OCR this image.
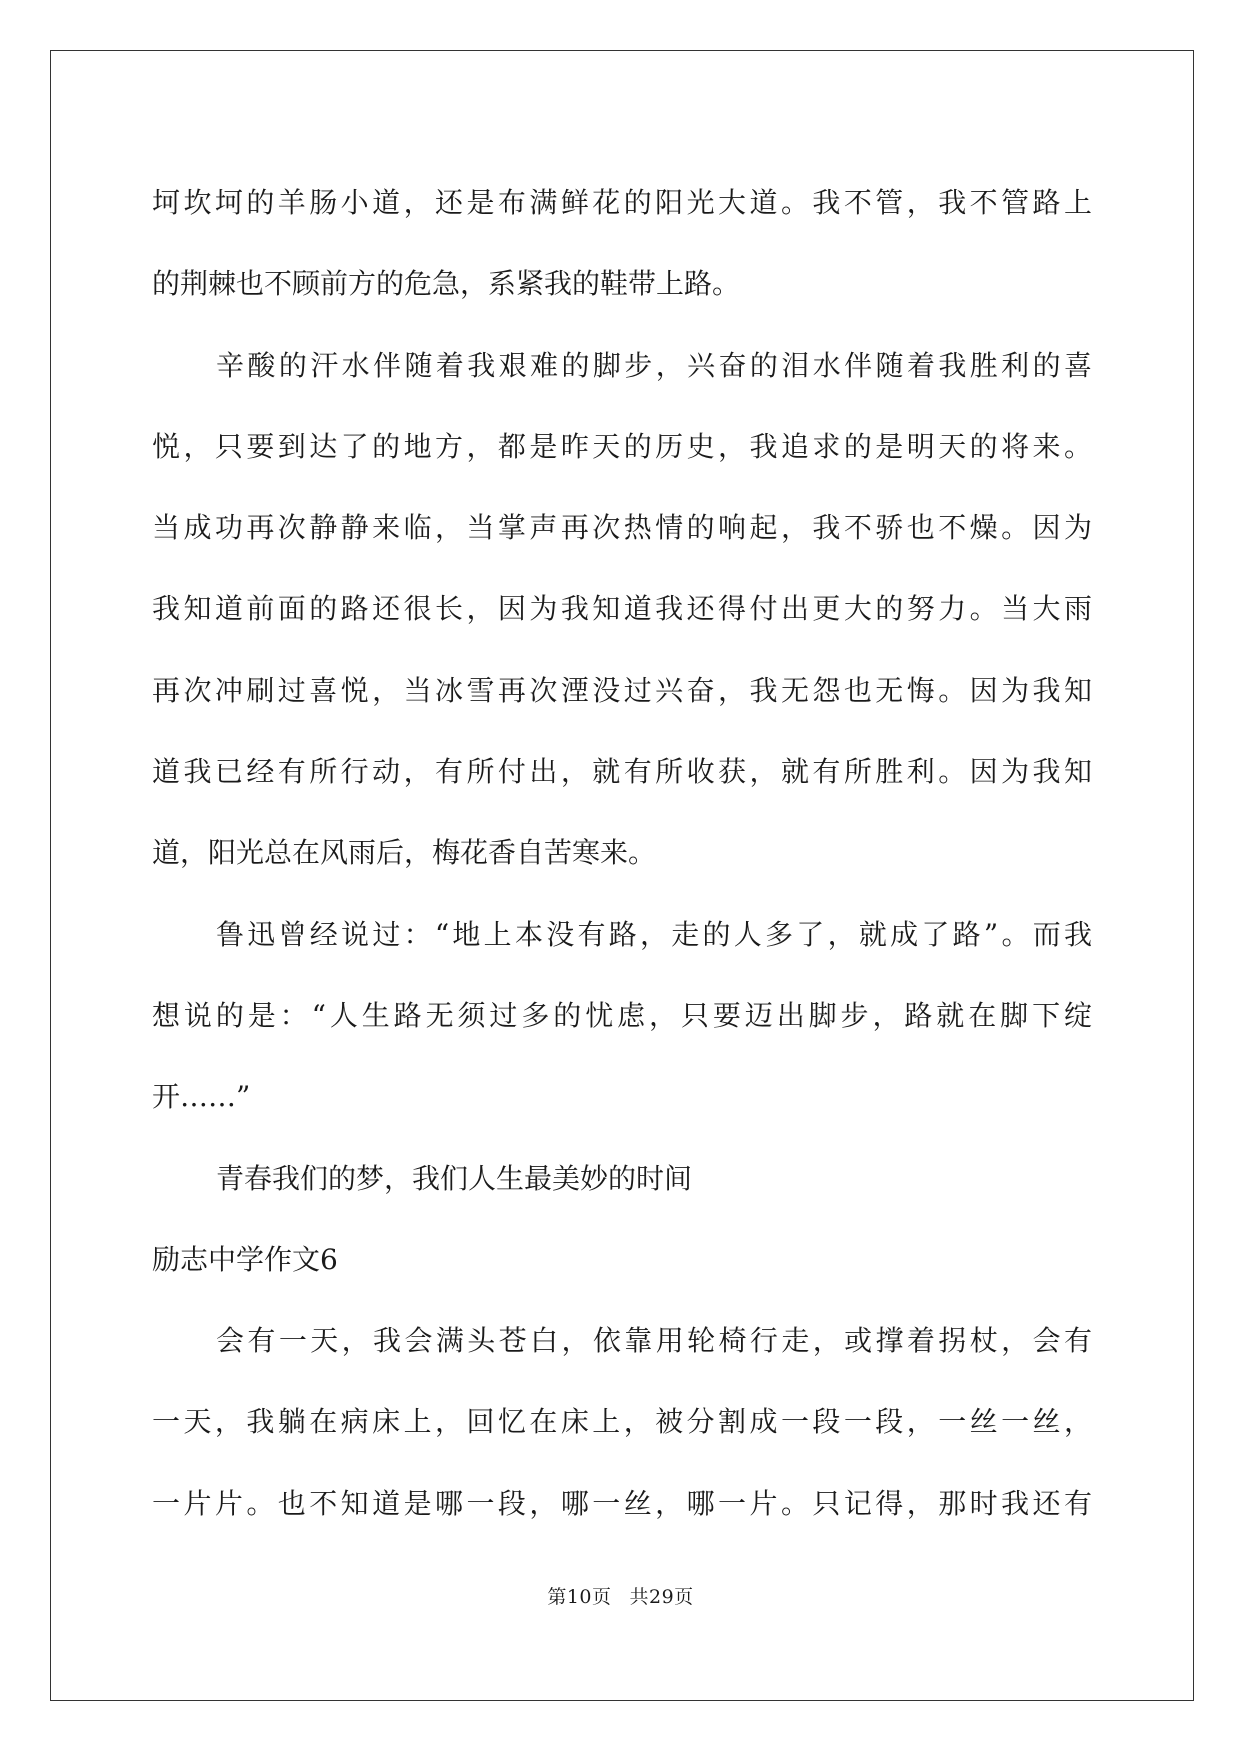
坷坎坷的羊肠小道，还是布满鲜花的阳光大道。我不管，我不管路上
的荆棘也不顾前方的危急，系紧我的鞋带上路。
辛酸的汗水伴随着我艰难的脚步，兴奋的泪水伴随着我胜利的喜
悦，只要到达了的地方，都是昨天的历史，我追求的是明天的将来。
当成功再次静静来临，当掌声再次热情的响起，我不骄也不燥。因为
我知道前面的路还很长，因为我知道我还得付出更大的努力。当大雨
再次冲刷过喜悦，当冰雪再次湮没过兴奋，我无怨也无悔。因为我知
道我已经有所行动，有所付出，就有所收获，就有所胜利。因为我知
道，阳光总在风雨后，梅花香自苦寒来。
鲁迅曾经说过：“地上本没有路，走的人多了，就成了路”。而我
想说的是：“人生路无须过多的忧虑，只要迈出脚步，路就在脚下绽
开……”
青春我们的梦，我们人生最美妙的时间
励志中学作文6
会有一天，我会满头苍白，依靠用轮椅行走，或撑着拐杖，会有
一天，我躺在病床上，回忆在床上，被分割成一段一段，一丝一丝，
一片片。也不知道是哪一段，哪一丝，哪一片。只记得，那时我还有
第10页 共29页
